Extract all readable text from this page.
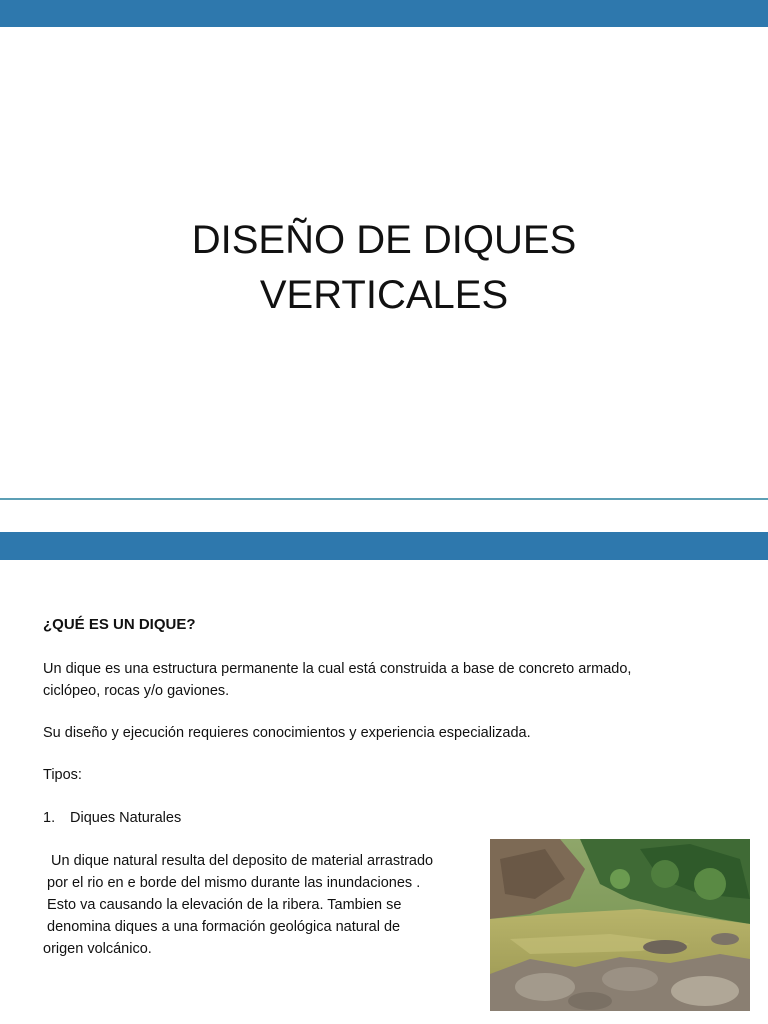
DISEÑO DE DIQUES
VERTICALES

¿QUÉ ES UN DIQUE?

Un dique es una estructura permanente la cual está construida a base de concreto armado,

ciclópeo, rocas y/o gaviones.

Su diseño y ejecución requieres conocimientos y experiencia especializada.

Tipos:

1. Diques Naturales

Un dique natural resulta del deposito de material arrastrado

por el rio en e borde del mismo durante las inundaciones .

Esto va causando la elevación de la ribera. Tambien se

denomina diques a una formación geológica natural de

origen volcánico.
